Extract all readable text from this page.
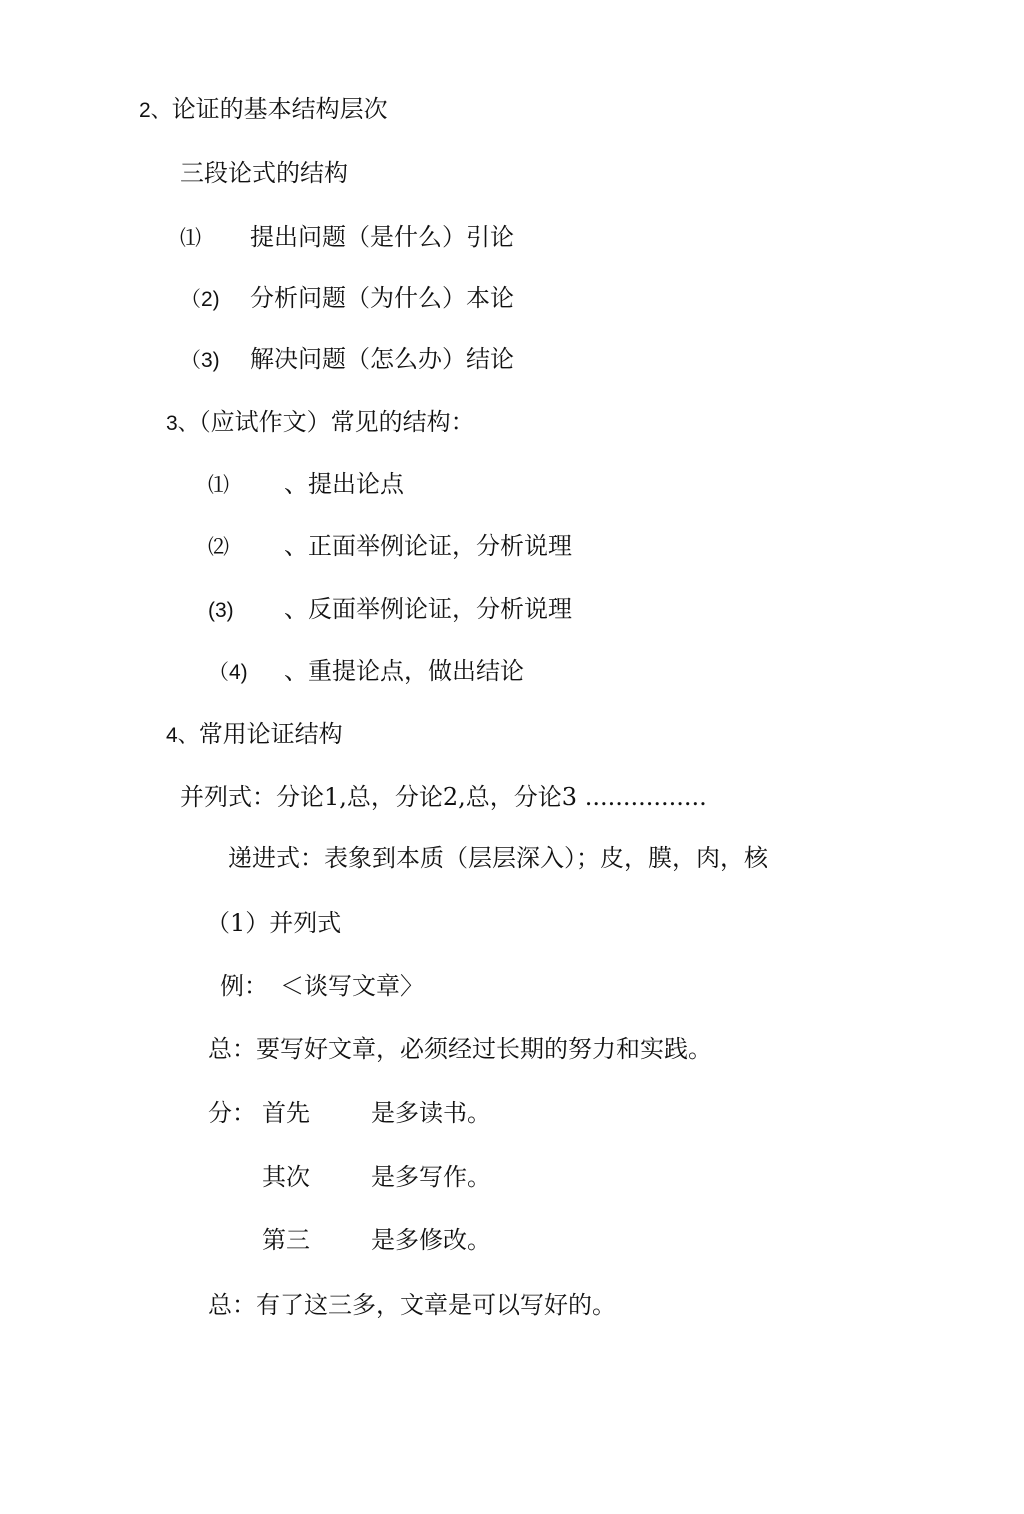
2、论证的基本结构层次
三段论式的结构
⑴ 提出问题（是什么）引论
（2) 分析问题（为什么）本论
（3) 解决问题（怎么办）结论
3、（应试作文）常见的结构：
⑴ 、提出论点
⑵ 、正面举例论证，分析说理
(3) 、反面举例论证，分析说理
（4) 、重提论点，做出结论
4、常用论证结构
并列式：分论1,总，分论2,总，分论3 ................
递进式：表象到本质（层层深入）；皮，膜，肉，核
（1）并列式
例： ＜谈写文章〉
总：要写好文章，必须经过长期的努力和实践。
分： 首先	是多读书。
其次	是多写作。
第三	是多修改。
总：有了这三多，文章是可以写好的。
